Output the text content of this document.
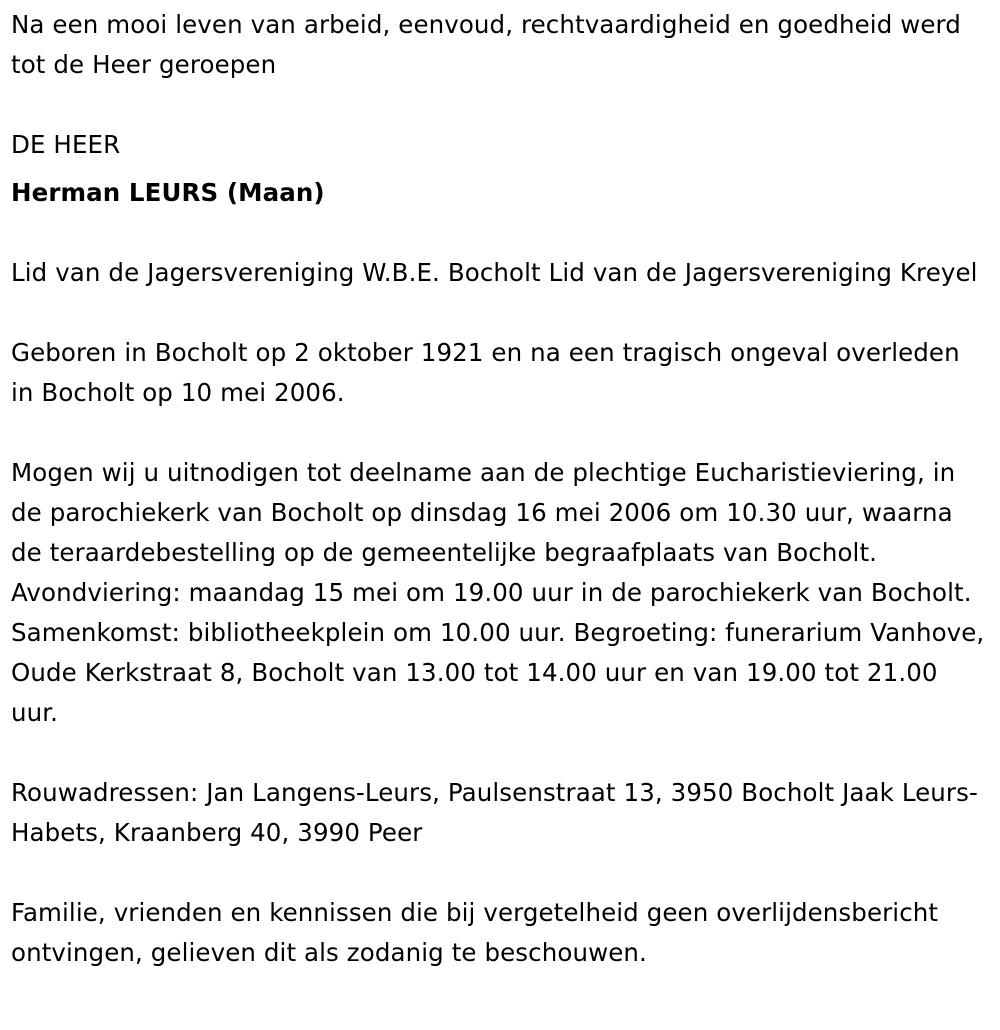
Na een mooi leven van arbeid, eenvoud, rechtvaardigheid en goedheid werd tot de Heer geroepen

DE HEER

Herman LEURS (Maan)

Lid van de Jagersvereniging W.B.E. Bocholt Lid van de Jagersvereniging Kreyel

Geboren in Bocholt op 2 oktober 1921 en na een tragisch ongeval overleden in Bocholt op 10 mei 2006.

Mogen wij u uitnodigen tot deelname aan de plechtige Eucharistieviering, in de parochiekerk van Bocholt op dinsdag 16 mei 2006 om 10.30 uur, waarna de teraardebestelling op de gemeentelijke begraafplaats van Bocholt. Avondviering: maandag 15 mei om 19.00 uur in de parochiekerk van Bocholt. Samenkomst: bibliotheekplein om 10.00 uur. Begroeting: funerarium Vanhove, Oude Kerkstraat 8, Bocholt van 13.00 tot 14.00 uur en van 19.00 tot 21.00 uur.

Rouwadressen: Jan Langens-Leurs, Paulsenstraat 13, 3950 Bocholt Jaak Leurs-Habets, Kraanberg 40, 3990 Peer

Familie, vrienden en kennissen die bij vergetelheid geen overlijdensbericht ontvingen, gelieven dit als zodanig te beschouwen.
